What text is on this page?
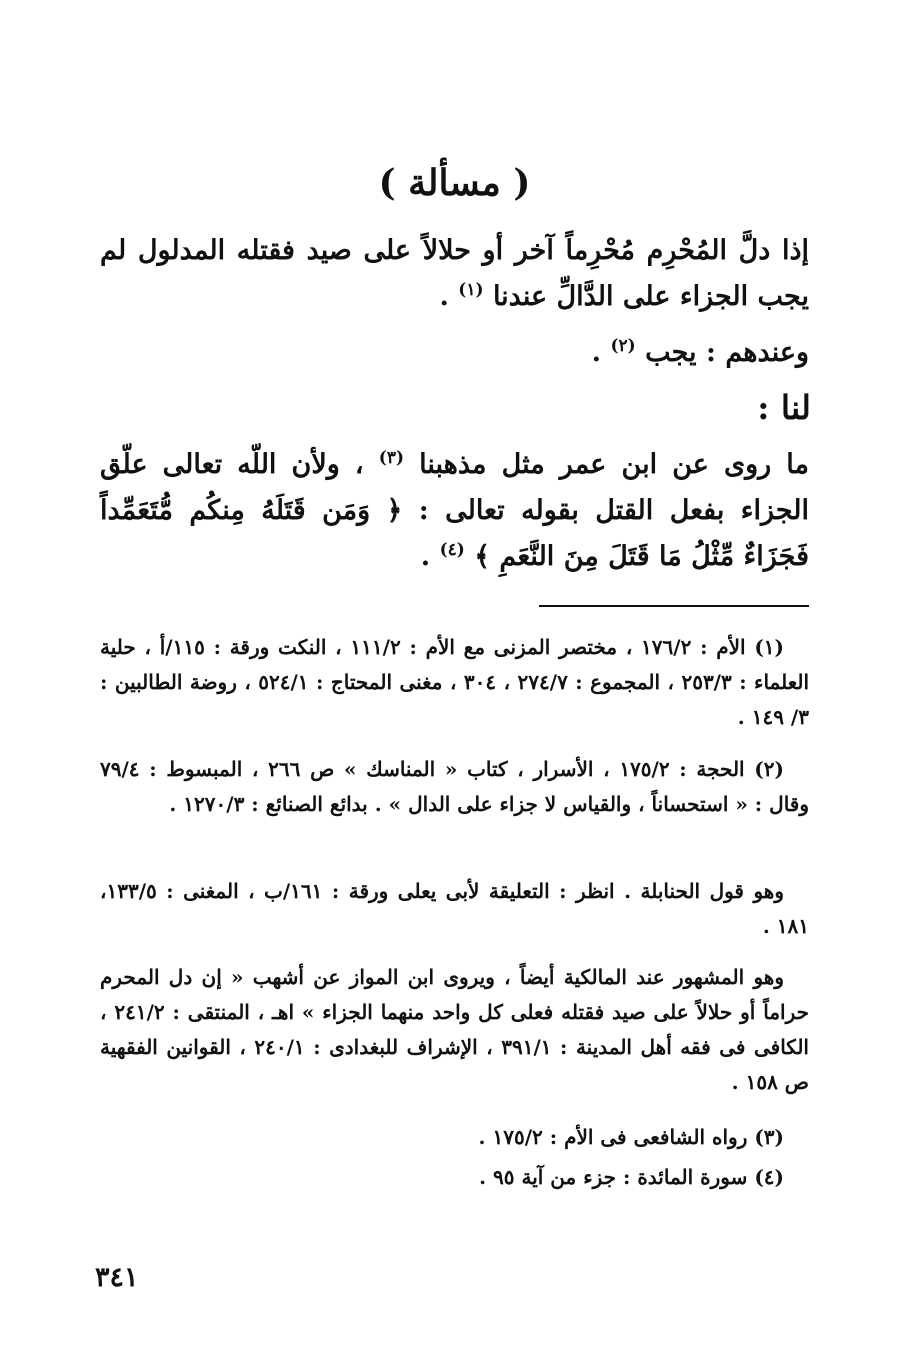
( مسألة )

إذا دلَّ المُحْرِم مُحْرِماً آخر أو حلالاً على صيد فقتله المدلول لم يجب الجزاء على الدَّالِّ عندنا $^{(١)}$ .

وعندهم : يجب $^{(٢)}$ .

لنا :

ما روى عن ابن عمر مثل مذهبنا $^{(٣)}$ ، ولأن اللّه تعالى علّق الجزاء بفعل القتل بقوله تعالى : ﴿ وَمَن قَتَلَهُ مِنكُم مُّتَعَمِّداً فَجَزَاءٌ مِّثْلُ مَا قَتَلَ مِنَ النَّعَمِ ﴾ $^{(٤)}$ .

(١) الأم : ١٧٦/٢ ، مختصر المزنى مع الأم : ١١١/٢ ، النكت ورقة : ١١٥/أ ، حلية العلماء : ٢٥٣/٣ ، المجموع : ٢٧٤/٧ ، ٣٠٤ ، مغنى المحتاج : ٥٢٤/١ ، روضة الطالبين : ٣/ ١٤٩ .

(٢) الحجة : ١٧٥/٢ ، الأسرار ، كتاب « المناسك » ص ٢٦٦ ، المبسوط : ٧٩/٤ وقال : « استحساناً ، والقياس لا جزاء على الدال » . بدائع الصنائع : ١٢٧٠/٣ .

وهو قول الحنابلة . انظر : التعليقة لأبى يعلى ورقة : ١٦١/ب ، المغنى : ١٣٣/٥، ١٨١ .

وهو المشهور عند المالكية أيضاً ، ويروى ابن المواز عن أشهب « إن دل المحرم حراماً أو حلالاً على صيد فقتله فعلى كل واحد منهما الجزاء » اهـ ، المنتقى : ٢٤١/٢ ، الكافى فى فقه أهل المدينة : ٣٩١/١ ، الإشراف للبغدادى : ٢٤٠/١ ، القوانين الفقهية ص ١٥٨ .

(٣) رواه الشافعى فى الأم : ١٧٥/٢ .

(٤) سورة المائدة : جزء من آية ٩٥ .

٣٤١
